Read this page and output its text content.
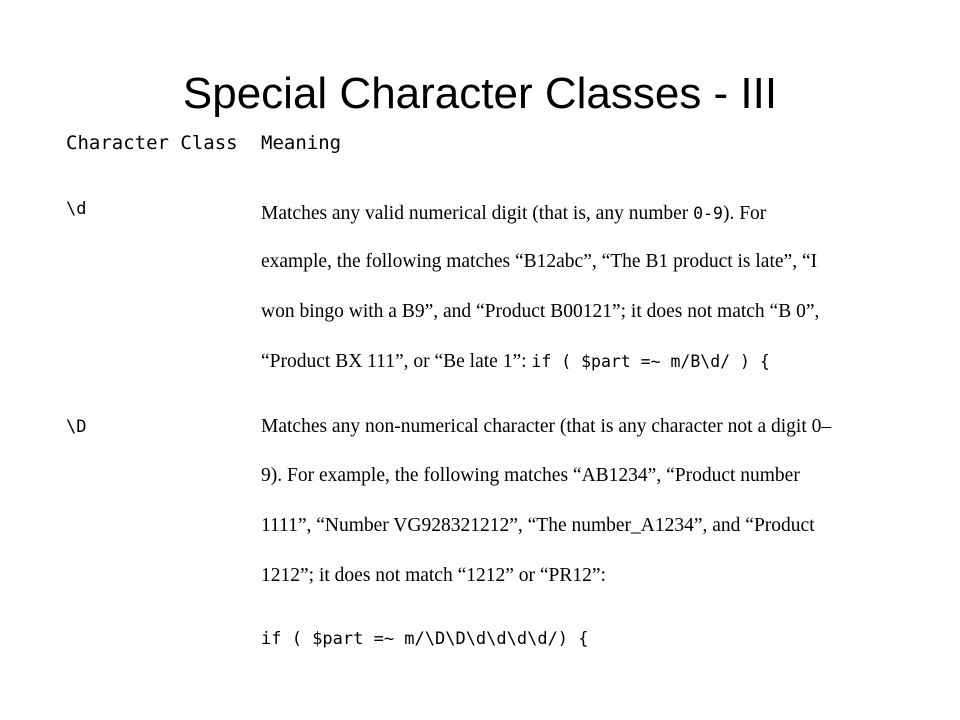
Special Character Classes - III
Character Class Meaning
\d	Matches any valid numerical digit (that is, any number 0-9). For
example, the following matches “B12abc”, “The B1 product is late”, “I
won bingo with a B9”, and “Product B00121”; it does not match “B 0”,
“Product BX 111”, or “Be late 1”: if ( $part =~ m/B\d/ ) {
\D	Matches any non-numerical character (that is any character not a digit 0–
9). For example, the following matches “AB1234”, “Product number
1111”, “Number VG928321212”, “The number_A1234”, and “Product
1212”; it does not match “1212” or “PR12”:
if ( $part =~ m/\D\D\d\d\d\d/) {
